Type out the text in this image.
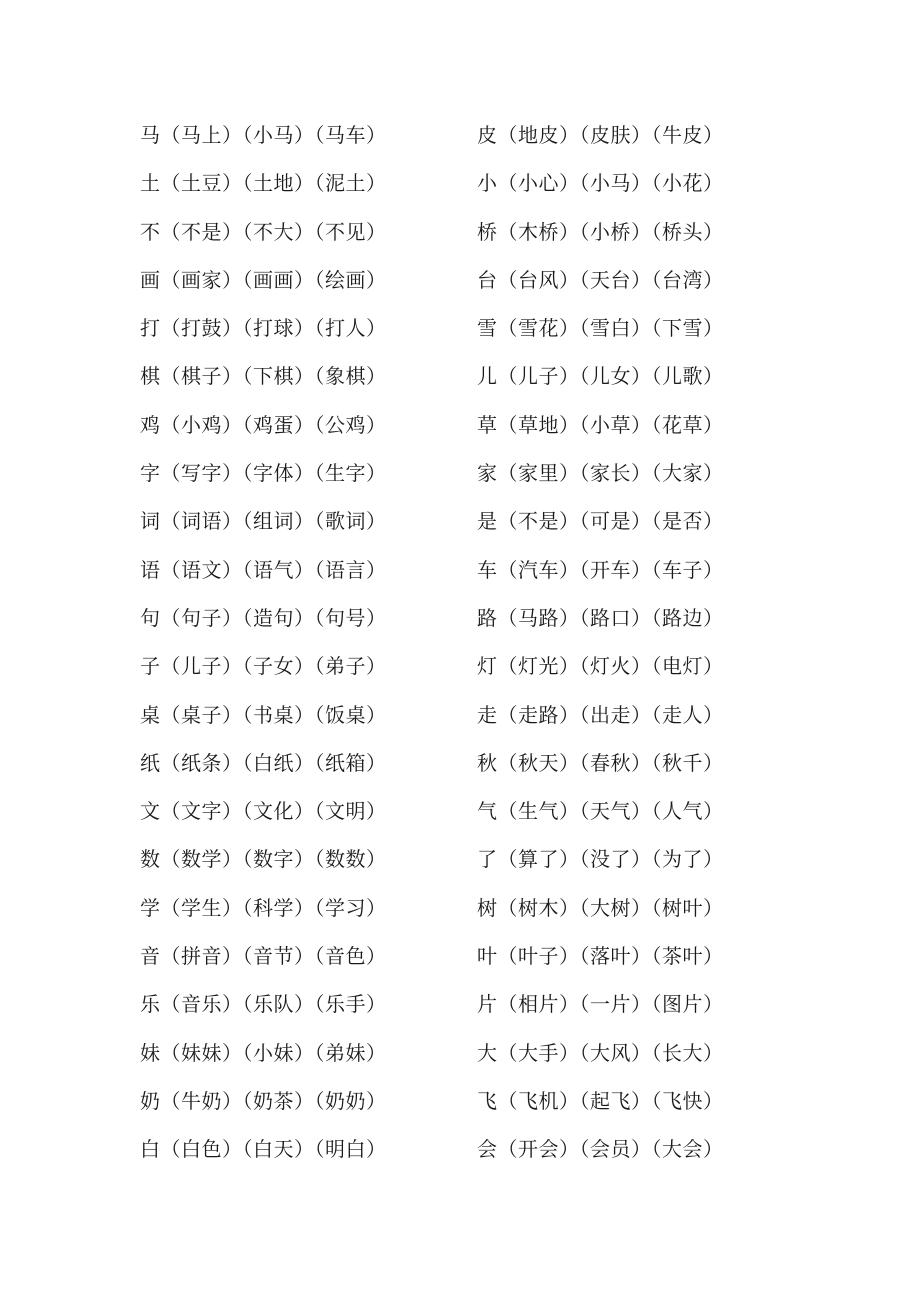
马（马上）（小马）（马车）
土（土豆）（土地）（泥土）
不（不是）（不大）（不见）
画（画家）（画画）（绘画）
打（打鼓）（打球）（打人）
棋（棋子）（下棋）（象棋）
鸡（小鸡）（鸡蛋）（公鸡）
字（写字）（字体）（生字）
词（词语）（组词）（歌词）
语（语文）（语气）（语言）
句（句子）（造句）（句号）
子（儿子）（子女）（弟子）
桌（桌子）（书桌）（饭桌）
纸（纸条）（白纸）（纸箱）
文（文字）（文化）（文明）
数（数学）（数字）（数数）
学（学生）（科学）（学习）
音（拼音）（音节）（音色）
乐（音乐）（乐队）（乐手）
妹（妹妹）（小妹）（弟妹）
奶（牛奶）（奶茶）（奶奶）
白（白色）（白天）（明白）
皮（地皮）（皮肤）（牛皮）
小（小心）（小马）（小花）
桥（木桥）（小桥）（桥头）
台（台风）（天台）（台湾）
雪（雪花）（雪白）（下雪）
儿（儿子）（儿女）（儿歌）
草（草地）（小草）（花草）
家（家里）（家长）（大家）
是（不是）（可是）（是否）
车（汽车）（开车）（车子）
路（马路）（路口）（路边）
灯（灯光）（灯火）（电灯）
走（走路）（出走）（走人）
秋（秋天）（春秋）（秋千）
气（生气）（天气）（人气）
了（算了）（没了）（为了）
树（树木）（大树）（树叶）
叶（叶子）（落叶）（茶叶）
片（相片）（一片）（图片）
大（大手）（大风）（长大）
飞（飞机）（起飞）（飞快）
会（开会）（会员）（大会）
